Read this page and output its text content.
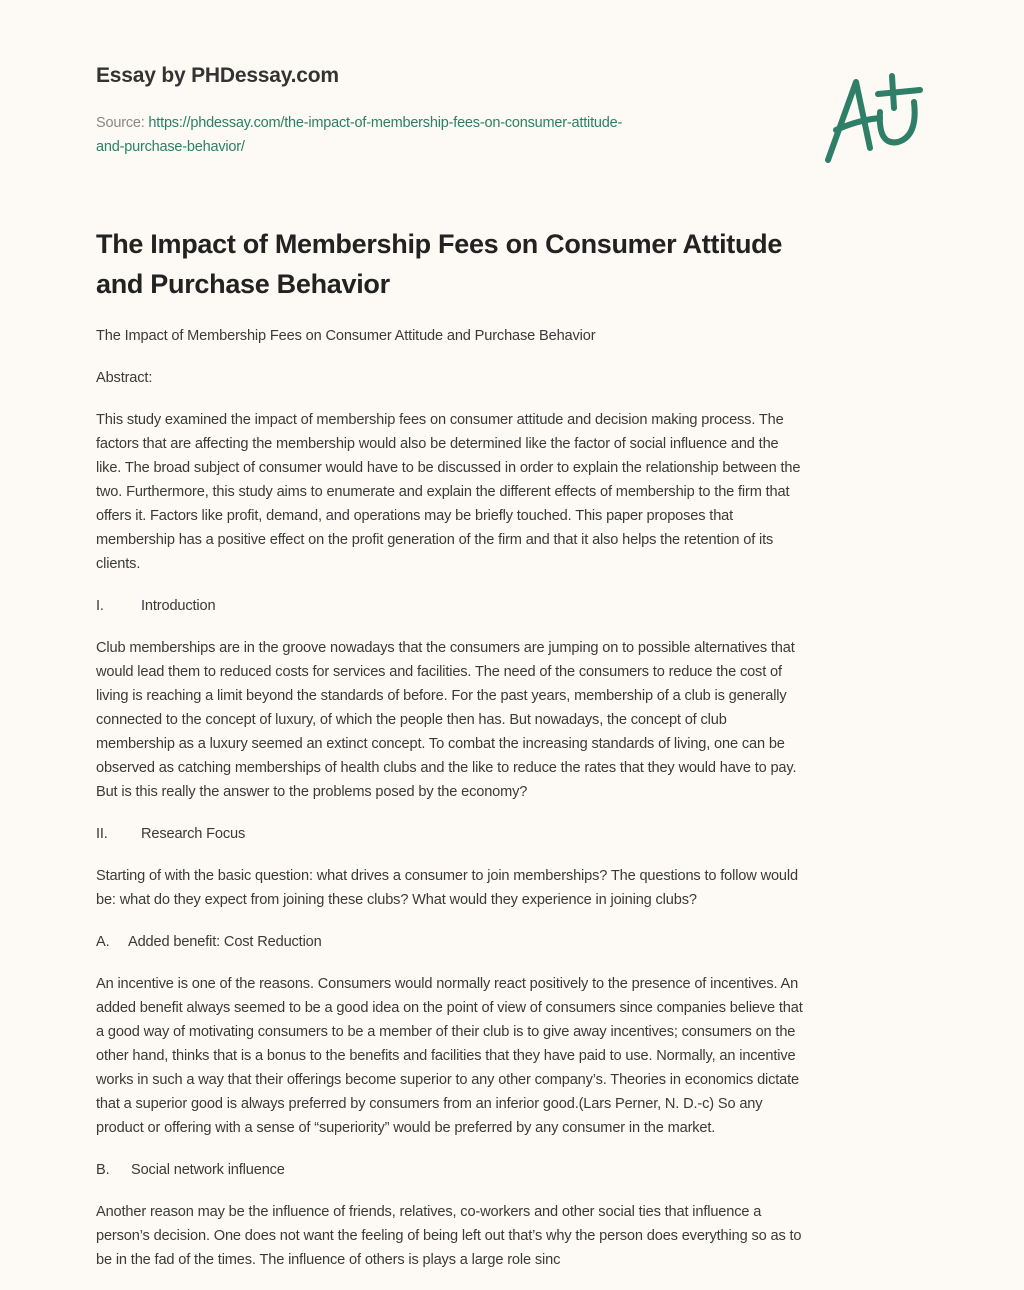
Essay by PHDessay.com
Source: https://phdessay.com/the-impact-of-membership-fees-on-consumer-attitude-
and-purchase-behavior/
The Impact of Membership Fees on Consumer Attitude
and Purchase Behavior
The Impact of Membership Fees on Consumer Attitude and Purchase Behavior
Abstract:
This study examined the impact of membership fees on consumer attitude and decision making process. The
factors that are affecting the membership would also be determined like the factor of social influence and the
like. The broad subject of consumer would have to be discussed in order to explain the relationship between the
two. Furthermore, this study aims to enumerate and explain the different effects of membership to the firm that
offers it. Factors like profit, demand, and operations may be briefly touched. This paper proposes that
membership has a positive effect on the profit generation of the firm and that it also helps the retention of its
clients.
I.	Introduction
Club memberships are in the groove nowadays that the consumers are jumping on to possible alternatives that
would lead them to reduced costs for services and facilities. The need of the consumers to reduce the cost of
living is reaching a limit beyond the standards of before. For the past years, membership of a club is generally
connected to the concept of luxury, of which the people then has. But nowadays, the concept of club
membership as a luxury seemed an extinct concept. To combat the increasing standards of living, one can be
observed as catching memberships of health clubs and the like to reduce the rates that they would have to pay.
But is this really the answer to the problems posed by the economy?
II. Research Focus
Starting of with the basic question: what drives a consumer to join memberships? The questions to follow would
be: what do they expect from joining these clubs? What would they experience in joining clubs?
A. Added benefit: Cost Reduction
An incentive is one of the reasons. Consumers would normally react positively to the presence of incentives. An
added benefit always seemed to be a good idea on the point of view of consumers since companies believe that
a good way of motivating consumers to be a member of their club is to give away incentives; consumers on the
other hand, thinks that is a bonus to the benefits and facilities that they have paid to use. Normally, an incentive
works in such a way that their offerings become superior to any other company’s. Theories in economics dictate
that a superior good is always preferred by consumers from an inferior good.(Lars Perner, N. D.-c) So any
product or offering with a sense of “superiority” would be preferred by any consumer in the market.
B. Social network influence
Another reason may be the influence of friends, relatives, co-workers and other social ties that influence a
person’s decision. One does not want the feeling of being left out that’s why the person does everything so as to
be in the fad of the times. The influence of others is plays a large role sinc
